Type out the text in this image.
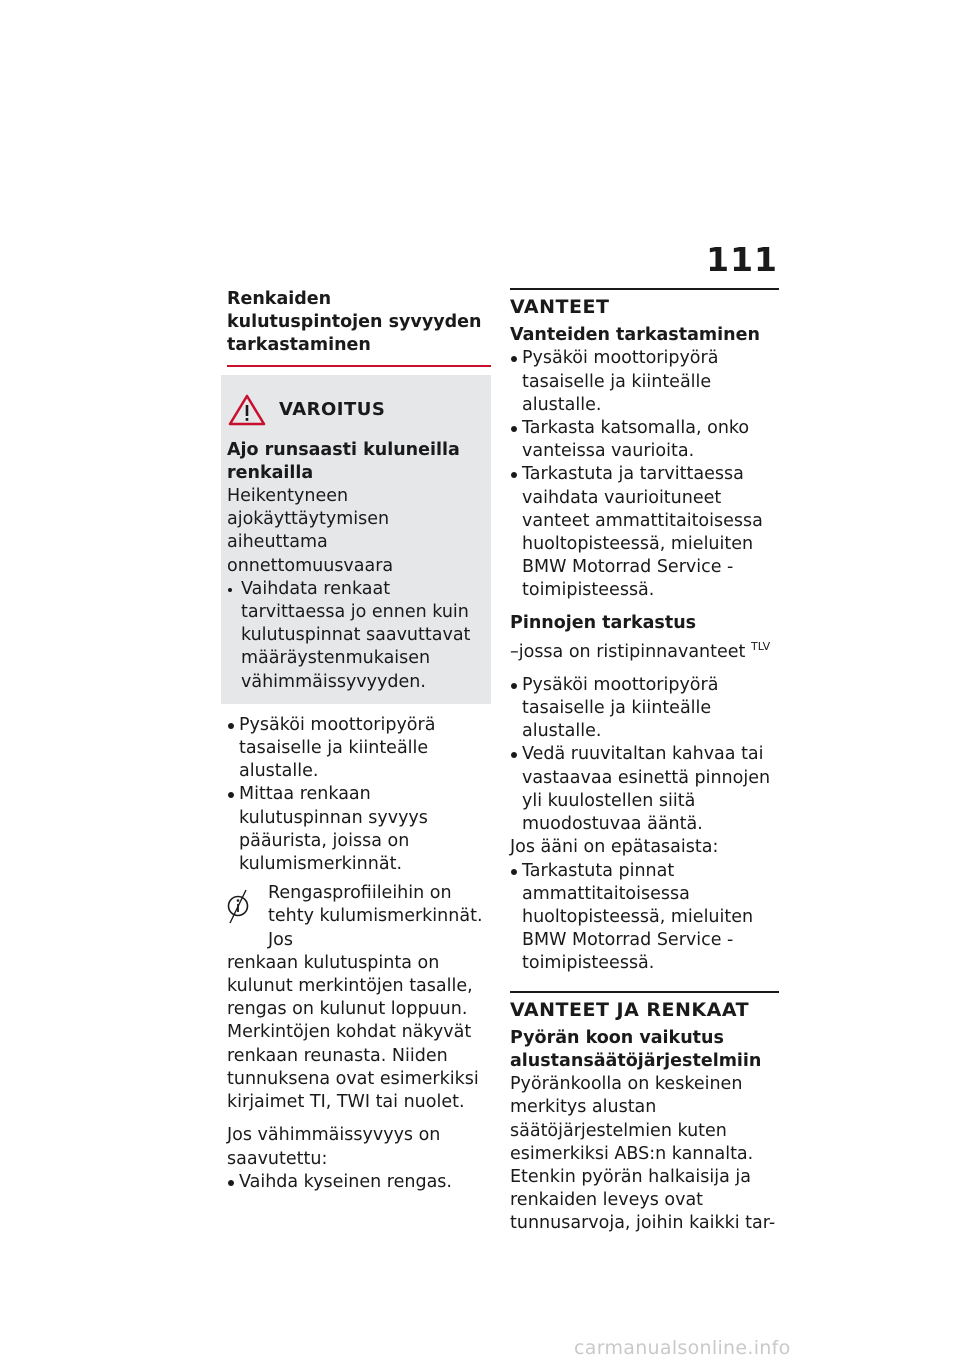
111
Renkaiden kulutuspintojen syvyyden tarkastaminen
VAROITUS
Ajo runsaasti kuluneilla renkailla
Heikentyneen ajokäyttäytymisen aiheuttama onnettomuusvaara
Vaihdata renkaat tarvittaessa jo ennen kuin kulutuspinnat saavuttavat määräystenmukaisen vähimmäissyvyyden.
Pysäköi moottoripyörä tasaiselle ja kiinteälle alustalle.
Mittaa renkaan kulutuspinnan syvyys pääurista, joissa on kulumismerkinnät.
Rengasprofiileihin on tehty kulumismerkinnät. Jos
renkaan kulutuspinta on kulunut merkintöjen tasalle, rengas on kulunut loppuun. Merkintöjen kohdat näkyvät renkaan reunasta. Niiden tunnuksena ovat esimerkiksi kirjaimet TI, TWI tai nuolet.
Jos vähimmäissyvyys on saavutettu:
Vaihda kyseinen rengas.
VANTEET
Vanteiden tarkastaminen
Pysäköi moottoripyörä tasaiselle ja kiinteälle alustalle.
Tarkasta katsomalla, onko vanteissa vaurioita.
Tarkastuta ja tarvittaessa vaihdata vaurioituneet vanteet ammattitaitoisessa huoltopisteessä, mieluiten BMW Motorrad Service -toimipisteessä.
Pinnojen tarkastus
–jossa on ristipinnavanteet $^{TLV}$
Pysäköi moottoripyörä tasaiselle ja kiinteälle alustalle.
Vedä ruuvitaltan kahvaa tai vastaavaa esinettä pinnojen yli kuulostellen siitä muodostuvaa ääntä.
Jos ääni on epätasaista:
Tarkastuta pinnat ammattitaitoisessa huoltopisteessä, mieluiten BMW Motorrad Service -toimipisteessä.
VANTEET JA RENKAAT
Pyörän koon vaikutus alustansäätöjärjestelmiin
Pyöränkoolla on keskeinen merkitys alustan säätöjärjestelmien kuten esimerkiksi ABS:n kannalta. Etenkin pyörän halkaisija ja renkaiden leveys ovat tunnusarvoja, joihin kaikki tar-
carmanualsonline.info
